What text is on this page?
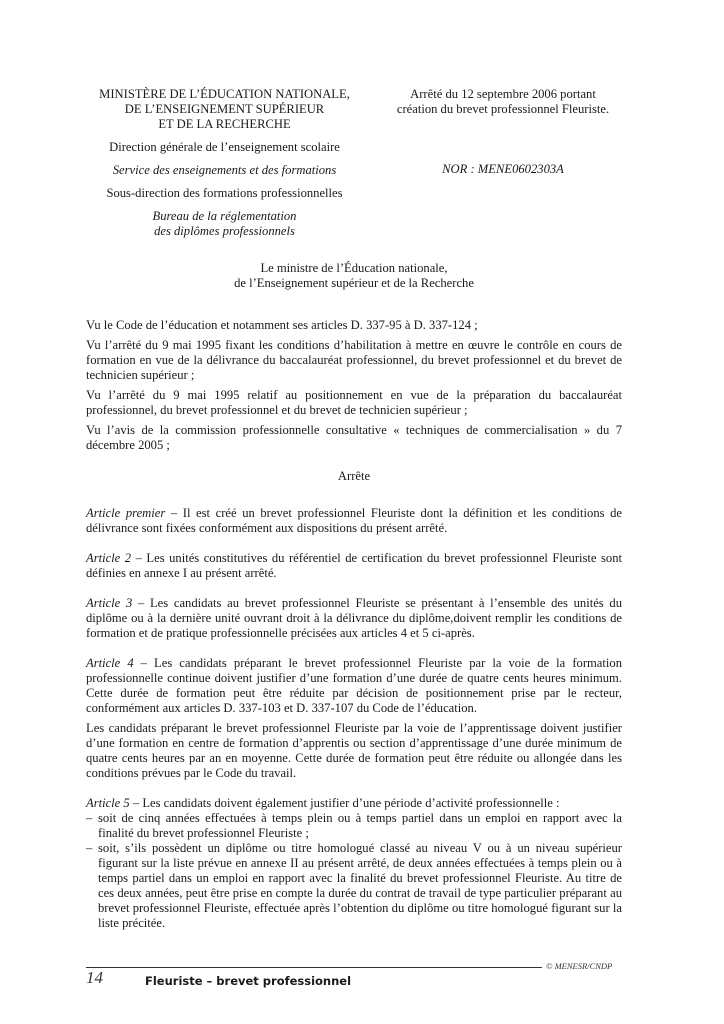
MINISTÈRE DE L’ÉDUCATION NATIONALE,
DE L’ENSEIGNEMENT SUPÉRIEUR
ET DE LA RECHERCHE
Direction générale de l’enseignement scolaire
Service des enseignements et des formations
Sous-direction des formations professionnelles
Bureau de la réglementation
des diplômes professionnels
Arrêté du 12 septembre 2006 portant
création du brevet professionnel Fleuriste.
NOR : MENE0602303A
Le ministre de l’Éducation nationale,
de l’Enseignement supérieur et de la Recherche

Vu le Code de l’éducation et notamment ses articles D. 337-95 à D. 337-124 ;

Vu l’arrêté du 9 mai 1995 fixant les conditions d’habilitation à mettre en œuvre le contrôle en cours de formation en vue de la délivrance du baccalauréat professionnel, du brevet professionnel et du brevet de technicien supérieur ;

Vu l’arrêté du 9 mai 1995 relatif au positionnement en vue de la préparation du baccalauréat professionnel, du brevet professionnel et du brevet de technicien supérieur ;

Vu l’avis de la commission professionnelle consultative « techniques de commercialisation » du 7 décembre 2005 ;

Arrête

Article premier – Il est créé un brevet professionnel Fleuriste dont la définition et les conditions de délivrance sont fixées conformément aux dispositions du présent arrêté.

Article 2 – Les unités constitutives du référentiel de certification du brevet professionnel Fleuriste sont définies en annexe I au présent arrêté.

Article 3 – Les candidats au brevet professionnel Fleuriste se présentant à l’ensemble des unités du diplôme ou à la dernière unité ouvrant droit à la délivrance du diplôme,doivent remplir les conditions de formation et de pratique professionnelle précisées aux articles 4 et 5 ci-après.

Article 4 – Les candidats préparant le brevet professionnel Fleuriste par la voie de la formation professionnelle continue doivent justifier d’une formation d’une durée de quatre cents heures minimum. Cette durée de formation peut être réduite par décision de positionnement prise par le recteur, conformément aux articles D. 337-103 et D. 337-107 du Code de l’éducation.

Les candidats préparant le brevet professionnel Fleuriste par la voie de l’apprentissage doivent justifier d’une formation en centre de formation d’apprentis ou section d’apprentissage d’une durée minimum de quatre cents heures par an en moyenne. Cette durée de formation peut être réduite ou allongée dans les conditions prévues par le Code du travail.

Article 5 – Les candidats doivent également justifier d’une période d’activité professionnelle :

– soit de cinq années effectuées à temps plein ou à temps partiel dans un emploi en rapport avec la finalité du brevet professionnel Fleuriste ;
– soit, s’ils possèdent un diplôme ou titre homologué classé au niveau V ou à un niveau supérieur figurant sur la liste prévue en annexe II au présent arrêté, de deux années effectuées à temps plein ou à temps partiel dans un emploi en rapport avec la finalité du brevet professionnel Fleuriste. Au titre de ces deux années, peut être prise en compte la durée du contrat de travail de type particulier préparant au brevet professionnel Fleuriste, effectuée après l’obtention du diplôme ou titre homologué figurant sur la liste précitée.
© MENESR/CNDP
14	Fleuriste – brevet professionnel
